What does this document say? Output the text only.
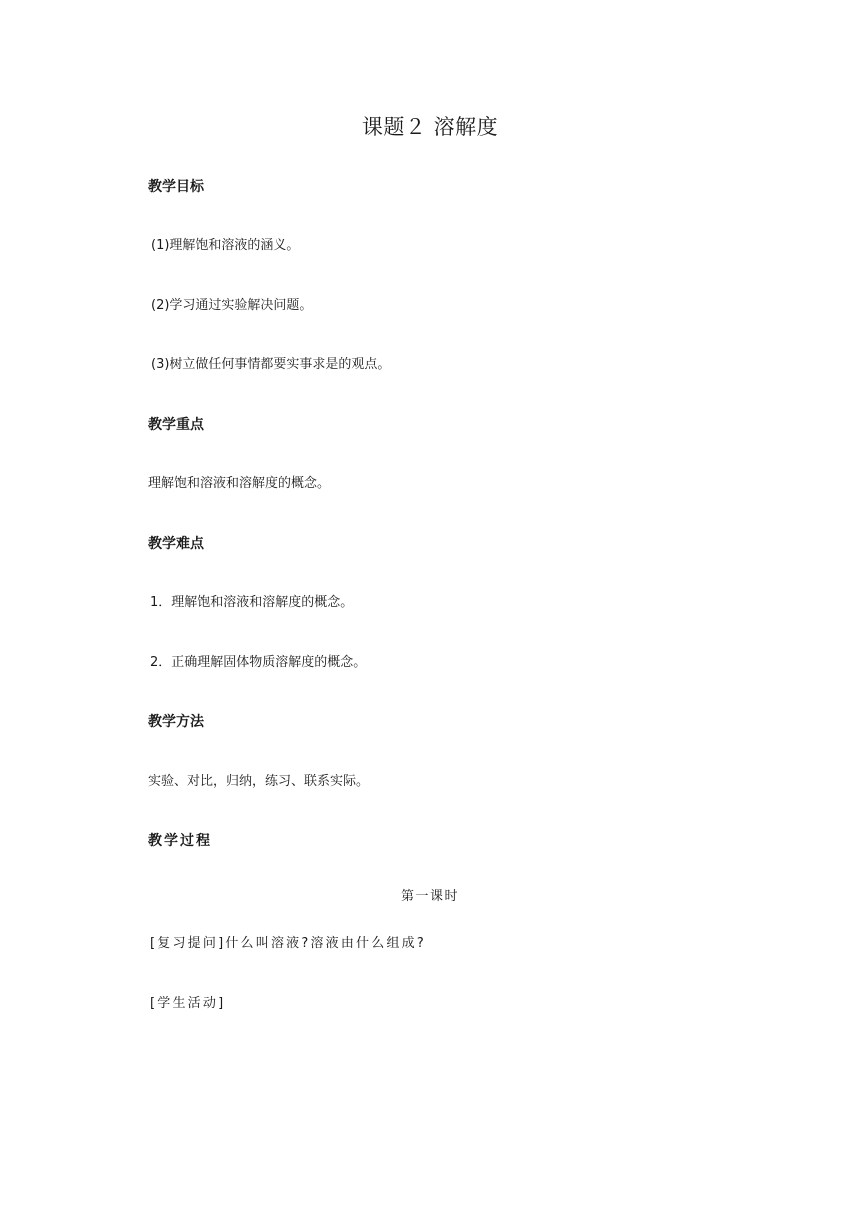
课题２ 溶解度
教学目标
(1)理解饱和溶液的涵义。
(2)学习通过实验解决问题。
(3)树立做任何事情都要实事求是的观点。
教学重点
理解饱和溶液和溶解度的概念。
教学难点
1．理解饱和溶液和溶解度的概念。
2．正确理解固体物质溶解度的概念。
教学方法
实验、对比，归纳，练习、联系实际。
教学过程
第一课时
[复习提问]什么叫溶液?溶液由什么组成?
[学生活动]
